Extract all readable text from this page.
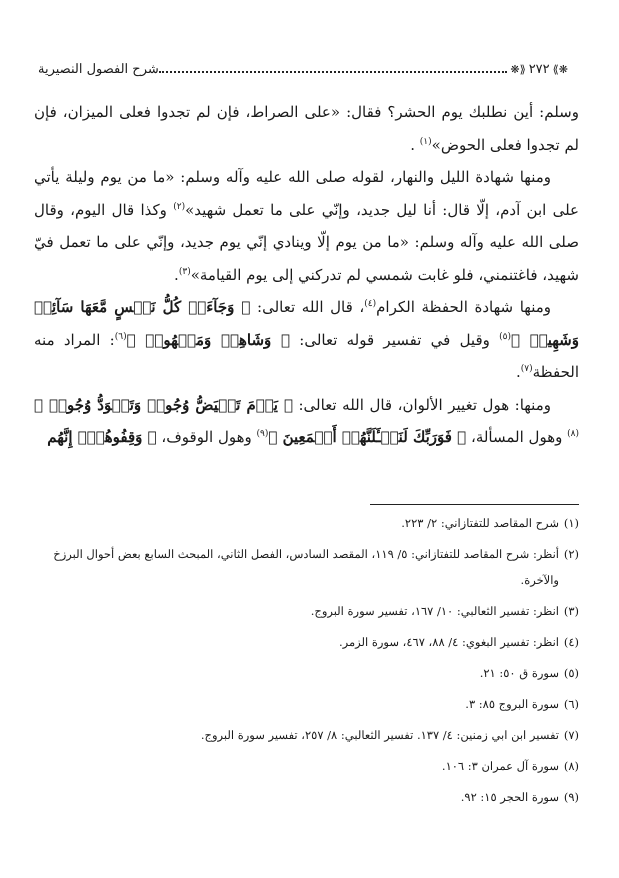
❋⟫
٢٧٢
⟪❋
شرح الفصول النصيرية

وسلم: أين نطلبك يوم الحشر؟ فقال: «على الصراط، فإن لم تجدوا فعلى الميزان، فإن لم تجدوا فعلى الحوض»$^{(١)}$ .

ومنها شهادة الليل والنهار، لقوله صلى الله عليه وآله وسلم: «ما من يوم وليلة يأتي على ابن آدم، إلّا قال: أنا ليل جديد، وإنّي على ما تعمل شهيد»$^{(٢)}$ وكذا قال اليوم، وقال صلى الله عليه وآله وسلم: «ما من يوم إلّا وينادي إنّي يوم جديد، وإنّي على ما تعمل فيّ شهيد، فاغتنمني، فلو غابت شمسي لم تدركني إلى يوم القيامة»$^{(٣)}$.

ومنها شهادة الحفظة الكرام$^{(٤)}$، قال الله تعالى: ﴿ وَجَآءَتۡ كُلُّ نَفۡسٍ مَّعَهَا سَآئِقٞ وَشَهِيدٞ ﴾$^{(٥)}$ وقيل في تفسير قوله تعالى: ﴿ وَشَاهِدٖ وَمَشۡهُودٖ ﴾$^{(٦)}$: المراد منه الحفظة$^{(٧)}$.

ومنها: هول تغيير الألوان، قال الله تعالى: ﴿ يَوۡمَ تَبۡيَضُّ وُجُوهٞ وَتَسۡوَدُّ وُجُوهٞ ﴾$^{(٨)}$ وهول المسألة، ﴿ فَوَرَبِّكَ لَنَسۡـَٔلَنَّهُمۡ أَجۡمَعِينَ ﴾$^{(٩)}$ وهول الوقوف، ﴿ وَقِفُوهُمۡۖ إِنَّهُم

(١)
شرح المقاصد للتفتازاني: ٢/ ٢٢٣.
(٢)
أنظر: شرح المقاصد للتفتازاني: ٥/ ١١٩، المقصد السادس، الفصل الثاني، المبحث السابع بعض أحوال البرزخ والآخرة.
(٣)
انظر: تفسير الثعالبي: ١٠/ ١٦٧، تفسير سورة البروج.
(٤)
انظر: تفسير البغوي: ٤/ ٨٨، ٤٦٧، سورة الزمر.
(٥)
سورة ق ٥٠: ٢١.
(٦)
سورة البروج ٨٥: ٣.
(٧)
تفسير ابن ابي زمنين: ٤/ ١٣٧. تفسير الثعالبي: ٨/ ٢٥٧، تفسير سورة البروج.
(٨)
سورة آل عمران ٣: ١٠٦.
(٩)
سورة الحجر ١٥: ٩٢.
